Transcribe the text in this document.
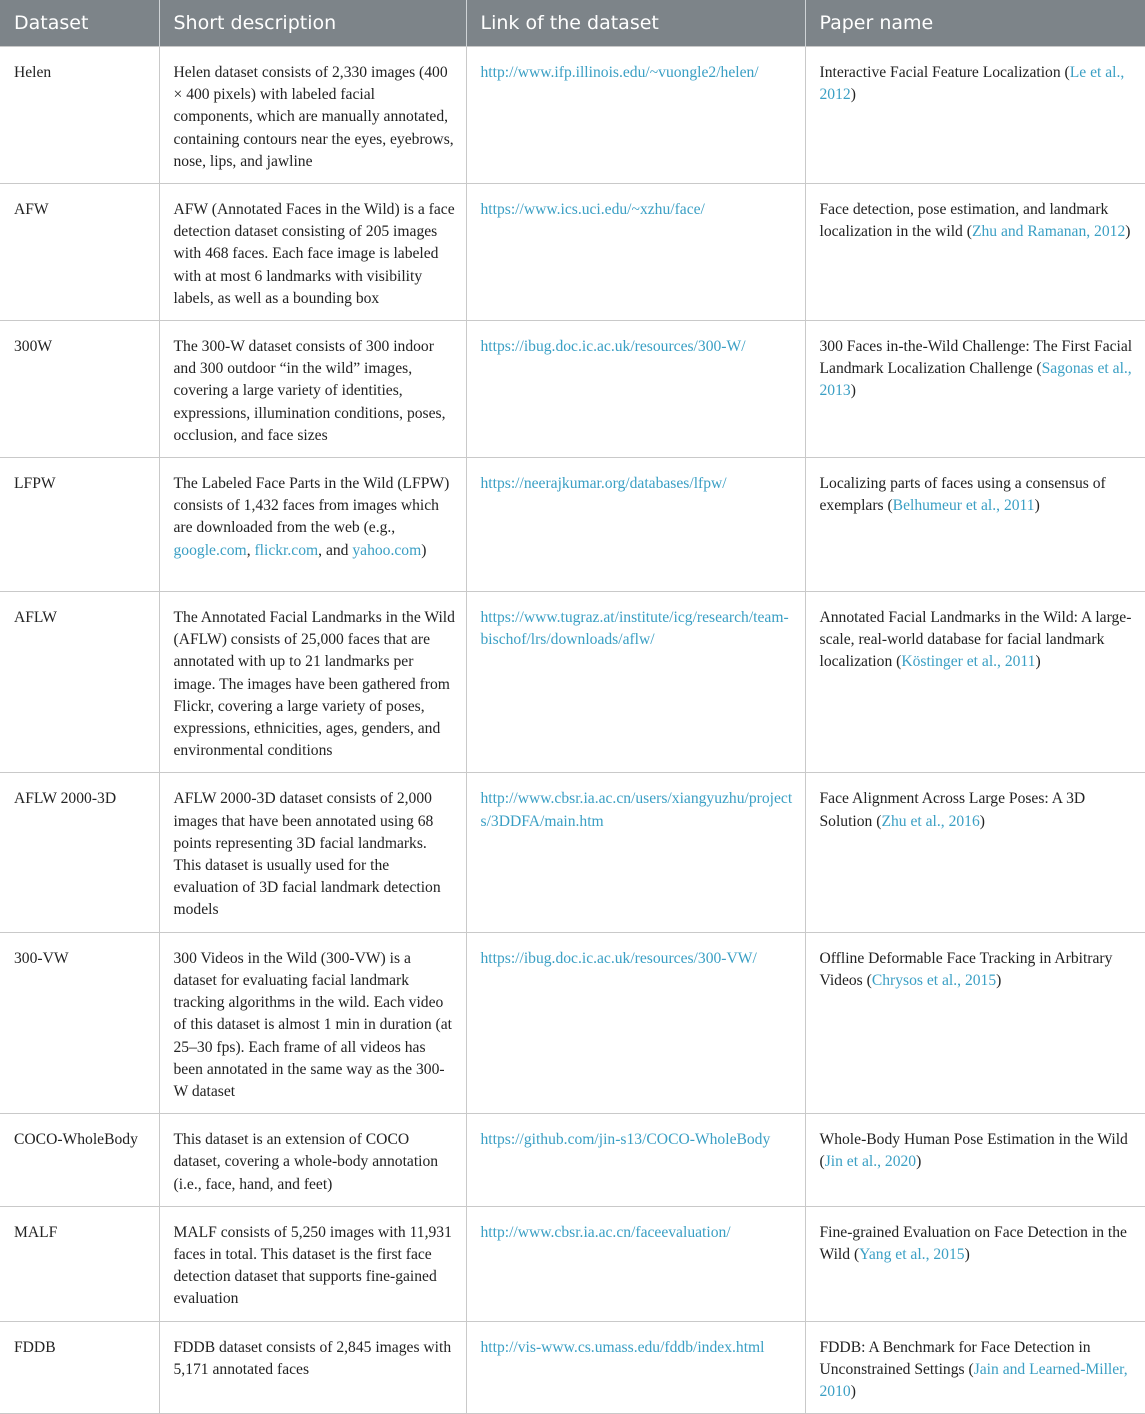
Dataset	Short description	Link of the dataset	Paper name
Helen	Helen dataset consists of 2,330 images (400 × 400 pixels) with labeled facial components, which are manually annotated, containing contours near the eyes, eyebrows, nose, lips, and jawline	http://www.ifp.illinois.edu/~vuongle2/helen/	Interactive Facial Feature Localization (Le et al., 2012)
AFW	AFW (Annotated Faces in the Wild) is a face detection dataset consisting of 205 images with 468 faces. Each face image is labeled with at most 6 landmarks with visibility labels, as well as a bounding box	https://www.ics.uci.edu/~xzhu/face/	Face detection, pose estimation, and landmark localization in the wild (Zhu and Ramanan, 2012)
300W	The 300-W dataset consists of 300 indoor and 300 outdoor “in the wild” images, covering a large variety of identities, expressions, illumination conditions, poses, occlusion, and face sizes	https://ibug.doc.ic.ac.uk/resources/300-W/	300 Faces in-the-Wild Challenge: The First Facial Landmark Localization Challenge (Sagonas et al., 2013)
LFPW	The Labeled Face Parts in the Wild (LFPW) consists of 1,432 faces from images which are downloaded from the web (e.g., google.com, flickr.com, and yahoo.com)	https://neerajkumar.org/databases/lfpw/	Localizing parts of faces using a consensus of exemplars (Belhumeur et al., 2011)
AFLW	The Annotated Facial Landmarks in the Wild (AFLW) consists of 25,000 faces that are annotated with up to 21 landmarks per image. The images have been gathered from Flickr, covering a large variety of poses, expressions, ethnicities, ages, genders, and environmental conditions	https://www.tugraz.at/institute/icg/research/team-bischof/lrs/downloads/aflw/	Annotated Facial Landmarks in the Wild: A large-scale, real-world database for facial landmark localization (Köstinger et al., 2011)
AFLW 2000-3D	AFLW 2000-3D dataset consists of 2,000 images that have been annotated using 68 points representing 3D facial landmarks. This dataset is usually used for the evaluation of 3D facial landmark detection models	http://www.cbsr.ia.ac.cn/users/xiangyuzhu/projects/3DDFA/main.htm	Face Alignment Across Large Poses: A 3D Solution (Zhu et al., 2016)
300-VW	300 Videos in the Wild (300-VW) is a dataset for evaluating facial landmark tracking algorithms in the wild. Each video of this dataset is almost 1 min in duration (at 25–30 fps). Each frame of all videos has been annotated in the same way as the 300-W dataset	https://ibug.doc.ic.ac.uk/resources/300-VW/	Offline Deformable Face Tracking in Arbitrary Videos (Chrysos et al., 2015)
COCO-WholeBody	This dataset is an extension of COCO dataset, covering a whole-body annotation (i.e., face, hand, and feet)	https://github.com/jin-s13/COCO-WholeBody	Whole-Body Human Pose Estimation in the Wild (Jin et al., 2020)
MALF	MALF consists of 5,250 images with 11,931 faces in total. This dataset is the first face detection dataset that supports fine-gained evaluation	http://www.cbsr.ia.ac.cn/faceevaluation/	Fine-grained Evaluation on Face Detection in the Wild (Yang et al., 2015)
FDDB	FDDB dataset consists of 2,845 images with 5,171 annotated faces	http://vis-www.cs.umass.edu/fddb/index.html	FDDB: A Benchmark for Face Detection in Unconstrained Settings (Jain and Learned-Miller, 2010)
